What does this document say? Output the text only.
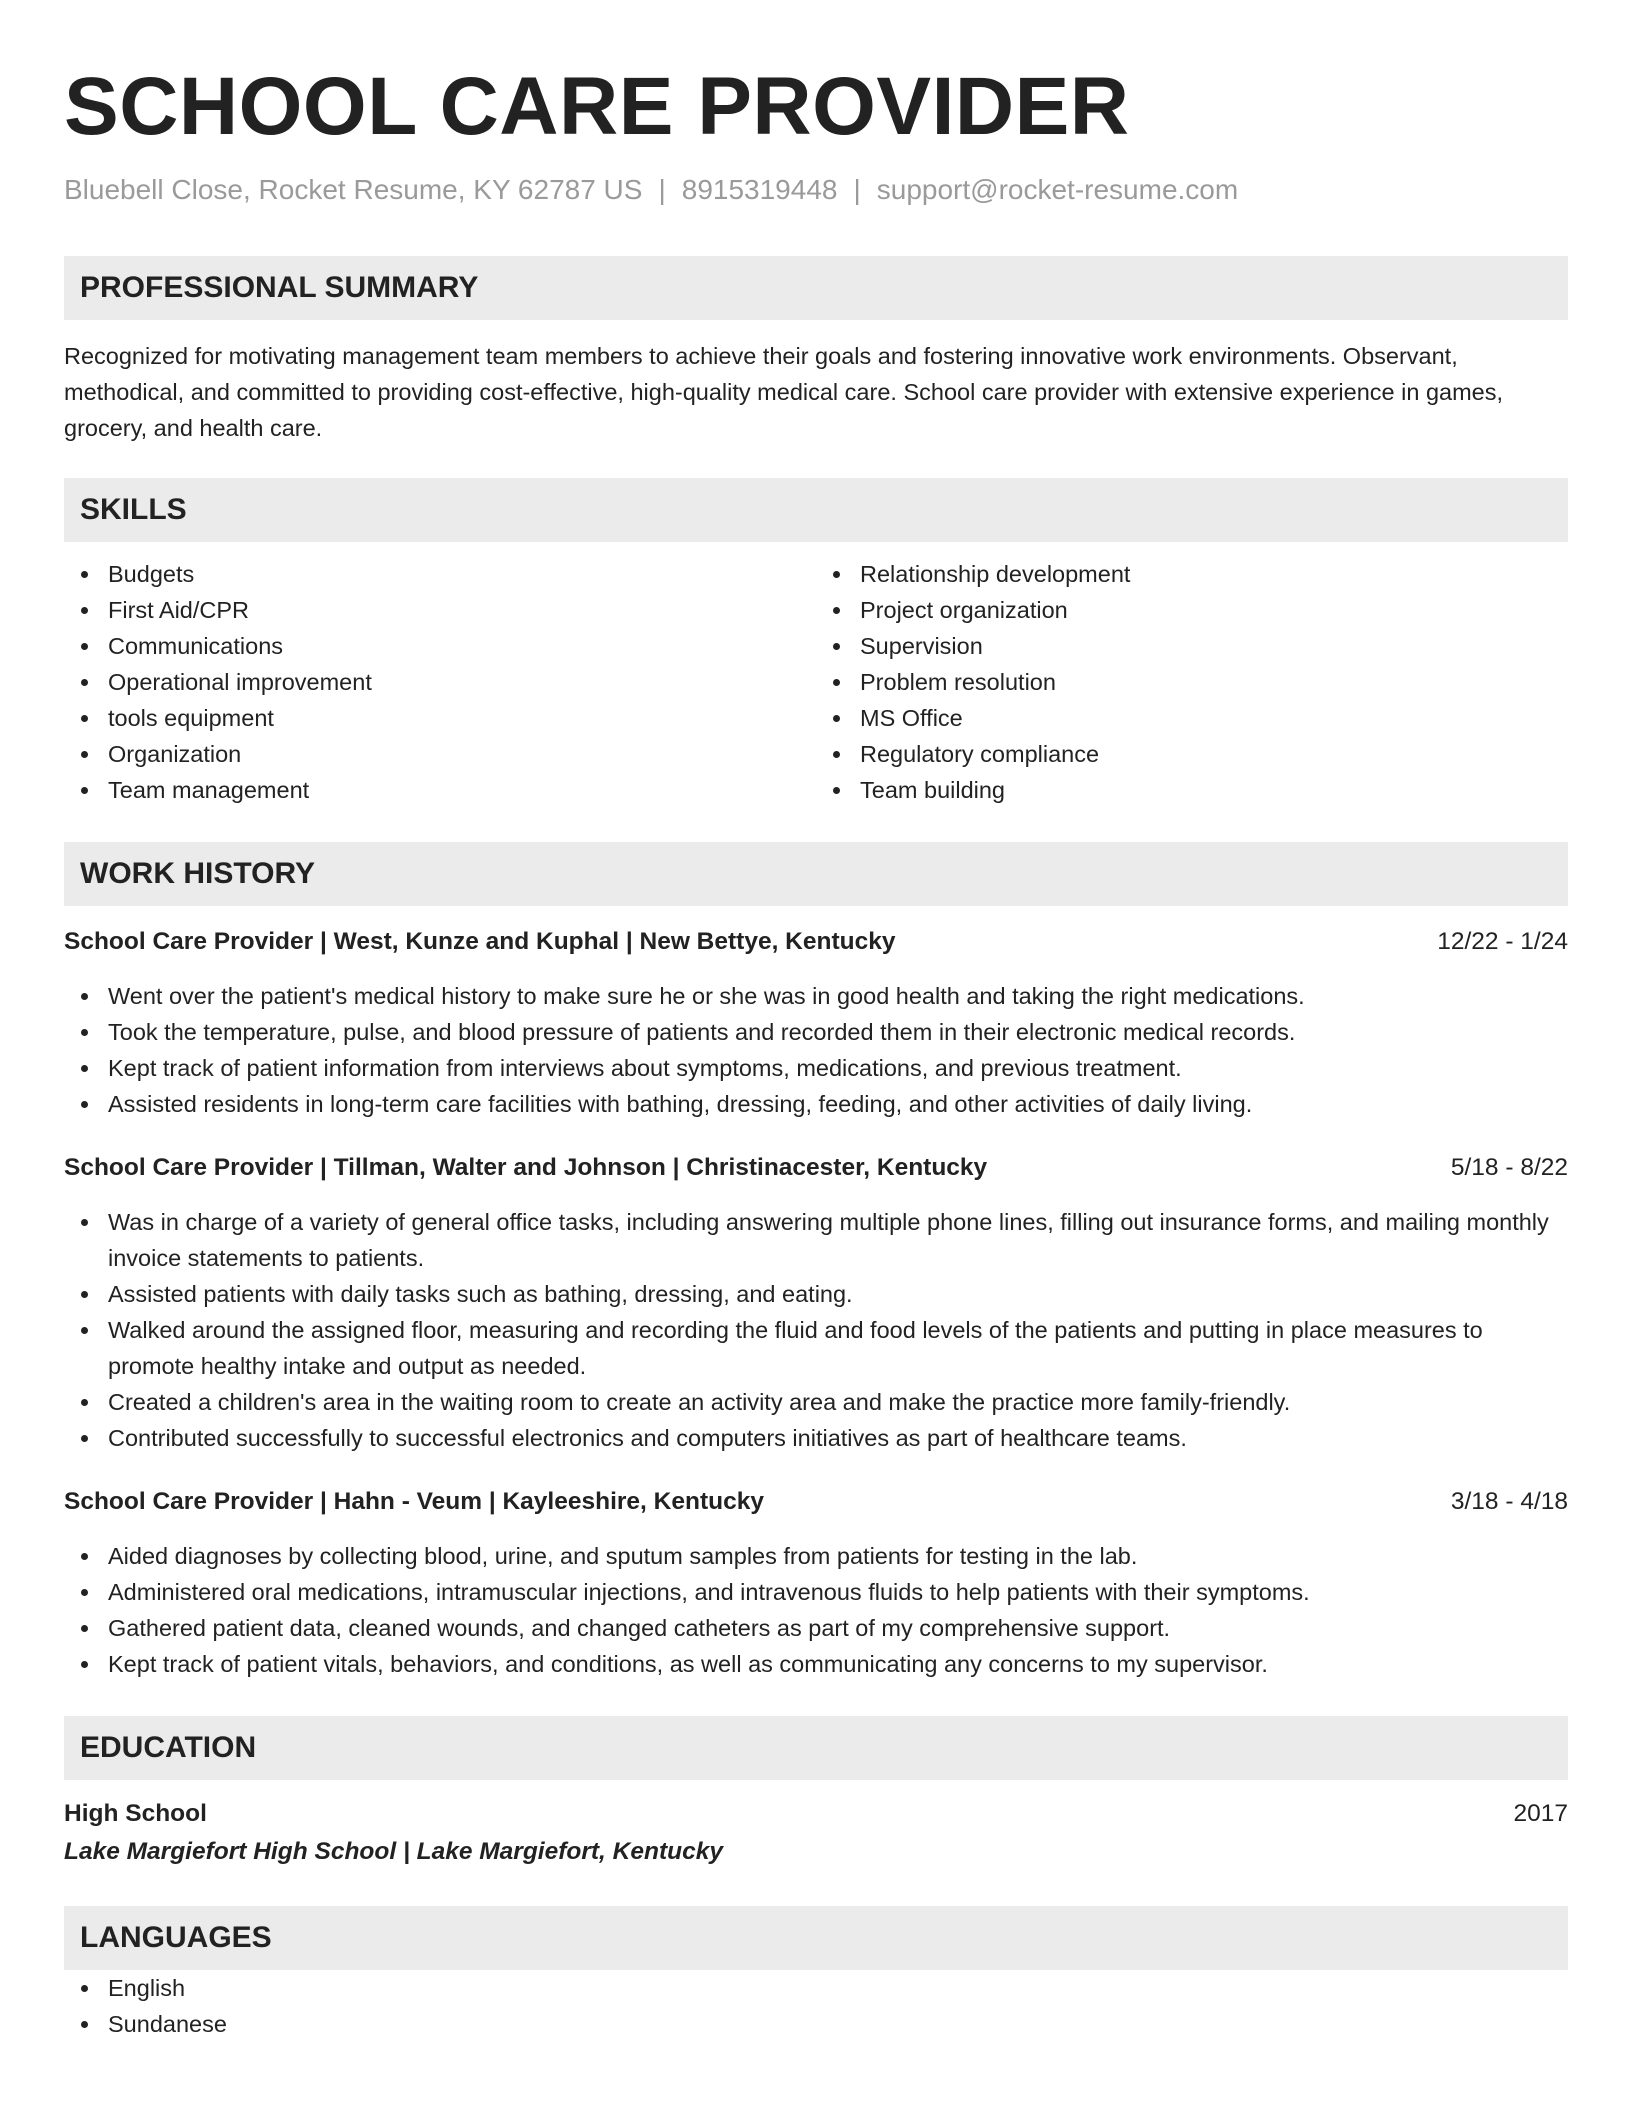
SCHOOL CARE PROVIDER
Bluebell Close, Rocket Resume, KY 62787 US | 8915319448 | support@rocket-resume.com
PROFESSIONAL SUMMARY

Recognized for motivating management team members to achieve their goals and fostering innovative work environments. Observant, methodical, and committed to providing cost-effective, high-quality medical care. School care provider with extensive experience in games, grocery, and health care.

SKILLS
Budgets
First Aid/CPR
Communications
Operational improvement
tools equipment
Organization
Team management
Relationship development
Project organization
Supervision
Problem resolution
MS Office
Regulatory compliance
Team building
WORK HISTORY
School Care Provider | West, Kunze and Kuphal | New Bettye, Kentucky	12/22 - 1/24
Went over the patient's medical history to make sure he or she was in good health and taking the right medications.
Took the temperature, pulse, and blood pressure of patients and recorded them in their electronic medical records.
Kept track of patient information from interviews about symptoms, medications, and previous treatment.
Assisted residents in long-term care facilities with bathing, dressing, feeding, and other activities of daily living.
School Care Provider | Tillman, Walter and Johnson | Christinacester, Kentucky	5/18 - 8/22
Was in charge of a variety of general office tasks, including answering multiple phone lines, filling out insurance forms, and mailing monthly invoice statements to patients.
Assisted patients with daily tasks such as bathing, dressing, and eating.
Walked around the assigned floor, measuring and recording the fluid and food levels of the patients and putting in place measures to promote healthy intake and output as needed.
Created a children's area in the waiting room to create an activity area and make the practice more family-friendly.
Contributed successfully to successful electronics and computers initiatives as part of healthcare teams.
School Care Provider | Hahn - Veum | Kayleeshire, Kentucky	3/18 - 4/18
Aided diagnoses by collecting blood, urine, and sputum samples from patients for testing in the lab.
Administered oral medications, intramuscular injections, and intravenous fluids to help patients with their symptoms.
Gathered patient data, cleaned wounds, and changed catheters as part of my comprehensive support.
Kept track of patient vitals, behaviors, and conditions, as well as communicating any concerns to my supervisor.
EDUCATION
High School	2017
Lake Margiefort High School | Lake Margiefort, Kentucky
LANGUAGES
English
Sundanese
